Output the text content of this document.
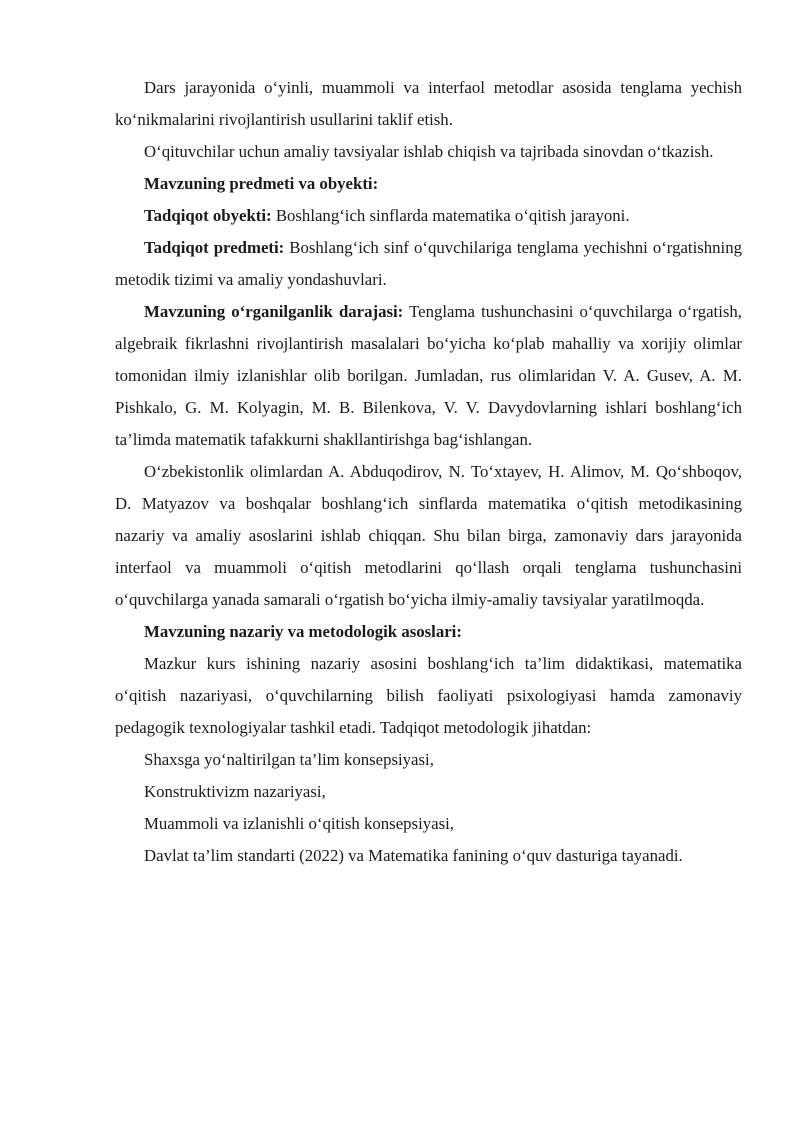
Dars jarayonida o‘yinli, muammoli va interfaol metodlar asosida tenglama yechish ko‘nikmalarini rivojlantirish usullarini taklif etish.

O‘qituvchilar uchun amaliy tavsiyalar ishlab chiqish va tajribada sinovdan o‘tkazish.

Mavzuning predmeti va obyekti:

Tadqiqot obyekti: Boshlang‘ich sinflarda matematika o‘qitish jarayoni.

Tadqiqot predmeti: Boshlang‘ich sinf o‘quvchilariga tenglama yechishni o‘rgatishning metodik tizimi va amaliy yondashuvlari.

Mavzuning o‘rganilganlik darajasi: Tenglama tushunchasini o‘quvchilarga o‘rgatish, algebraik fikrlashni rivojlantirish masalalari bo‘yicha ko‘plab mahalliy va xorijiy olimlar tomonidan ilmiy izlanishlar olib borilgan. Jumladan, rus olimlaridan V. A. Gusev, A. M. Pishkalo, G. M. Kolyagin, M. B. Bilenkova, V. V. Davydovlarning ishlari boshlang‘ich ta’limda matematik tafakkurni shakllantirishga bag‘ishlangan.

O‘zbekistonlik olimlardan A. Abduqodirov, N. To‘xtayev, H. Alimov, M. Qo‘shboqov, D. Matyazov va boshqalar boshlang‘ich sinflarda matematika o‘qitish metodikasining nazariy va amaliy asoslarini ishlab chiqqan. Shu bilan birga, zamonaviy dars jarayonida interfaol va muammoli o‘qitish metodlarini qo‘llash orqali tenglama tushunchasini o‘quvchilarga yanada samarali o‘rgatish bo‘yicha ilmiy-amaliy tavsiyalar yaratilmoqda.

Mavzuning nazariy va metodologik asoslari:

Mazkur kurs ishining nazariy asosini boshlang‘ich ta’lim didaktikasi, matematika o‘qitish nazariyasi, o‘quvchilarning bilish faoliyati psixologiyasi hamda zamonaviy pedagogik texnologiyalar tashkil etadi. Tadqiqot metodologik jihatdan:

Shaxsga yo‘naltirilgan ta’lim konsepsiyasi,

Konstruktivizm nazariyasi,

Muammoli va izlanishli o‘qitish konsepsiyasi,

Davlat ta’lim standarti (2022) va Matematika fanining o‘quv dasturiga tayanadi.
